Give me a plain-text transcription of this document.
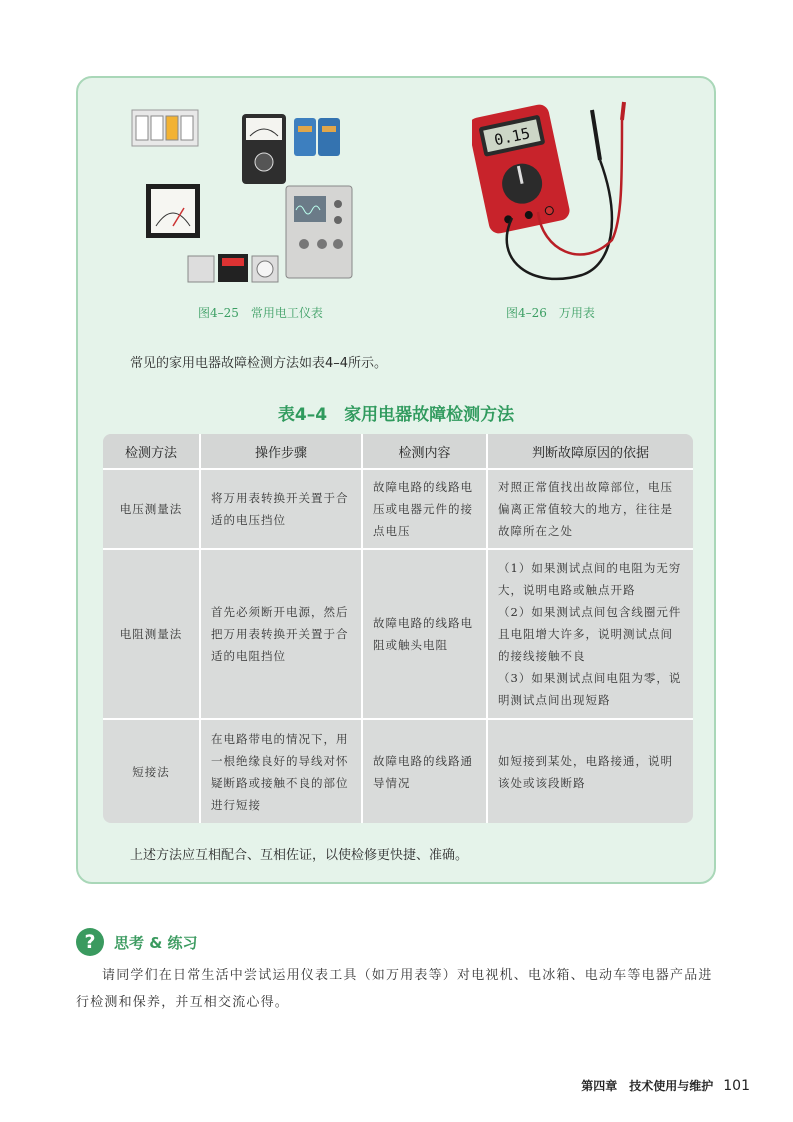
图4–25　常用电工仪表
0.15
图4–26　万用表
常见的家用电器故障检测方法如表4–4所示。
表4–4　家用电器故障检测方法
检测方法	操作步骤	检测内容	判断故障原因的依据
电压测量法	将万用表转换开关置于合适的电压挡位	故障电路的线路电压或电器元件的接点电压	对照正常值找出故障部位，电压偏离正常值较大的地方，往往是故障所在之处

电阻测量法	首先必须断开电源，然后把万用表转换开关置于合适的电阻挡位	故障电路的线路电阻或触头电阻	（1）如果测试点间的电阻为无穷大，说明电路或触点开路
（2）如果测试点间包含线圈元件且电阻增大许多，说明测试点间的接线接触不良
（3）如果测试点间电阻为零，说明测试点间出现短路

短接法	在电路带电的情况下，用一根绝缘良好的导线对怀疑断路或接触不良的部位进行短接	故障电路的线路通导情况	如短接到某处，电路接通，说明该处或该段断路
上述方法应互相配合、互相佐证，以使检修更快捷、准确。
?	思考 & 练习
请同学们在日常生活中尝试运用仪表工具（如万用表等）对电视机、电冰箱、电动车等电器产品进行检测和保养，并互相交流心得。
第四章　技术使用与维护 101
